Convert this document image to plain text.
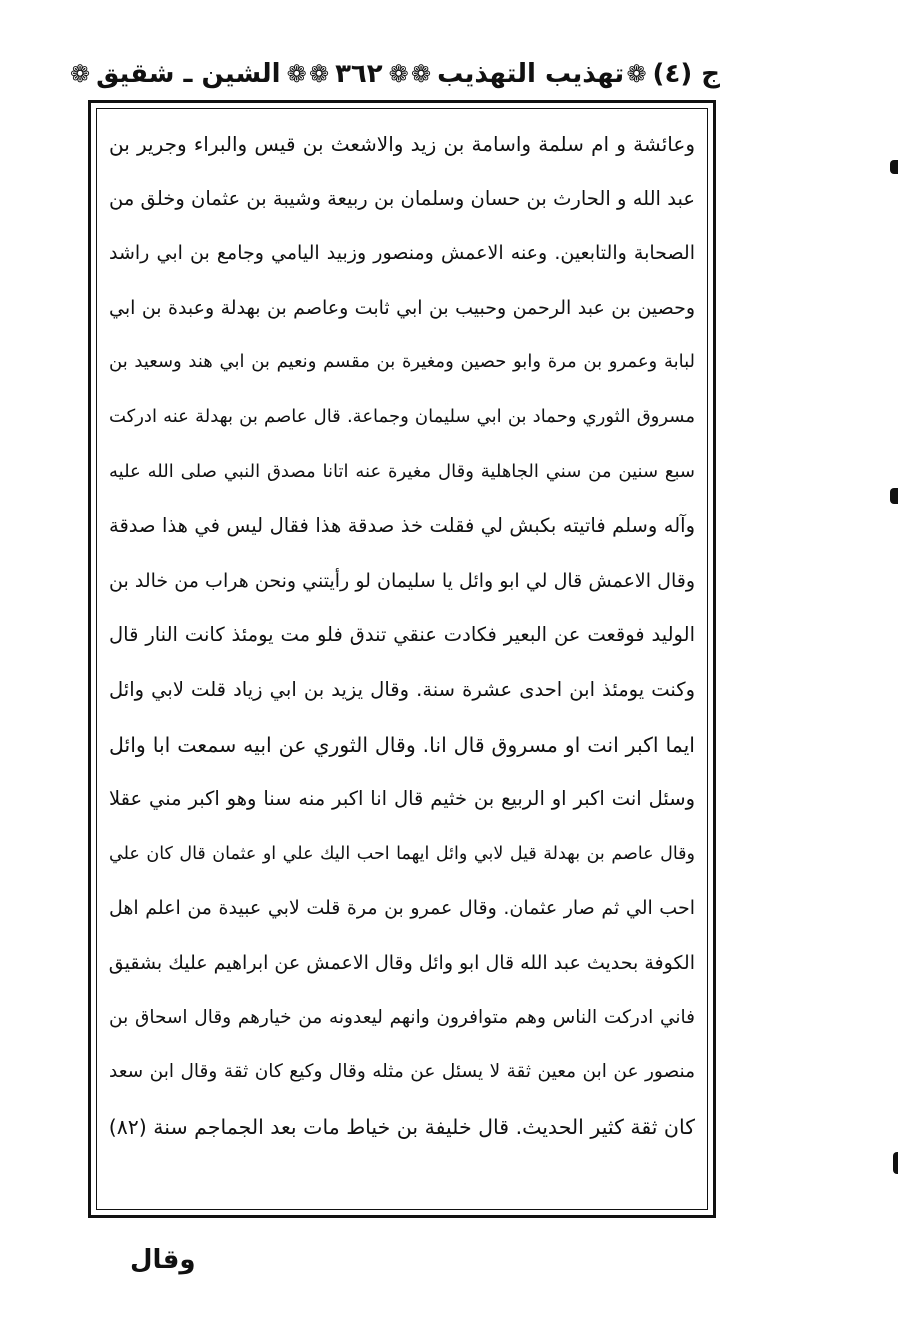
ج (٤)
❁
تهذيب التهذيب
❁
❁
٣٦٢
❁
❁
الشين ـ شقيق
❁
وعائشة و ام سلمة واسامة بن زيد والاشعث بن قيس والبراء وجرير بن
عبد الله و الحارث بن حسان وسلمان بن ربيعة وشيبة بن عثمان وخلق من
الصحابة والتابعين. وعنه الاعمش ومنصور وزبيد اليامي وجامع بن ابي راشد
وحصين بن عبد الرحمن وحبيب بن ابي ثابت وعاصم بن بهدلة وعبدة بن ابي
لبابة وعمرو بن مرة وابو حصين ومغيرة بن مقسم ونعيم بن ابي هند وسعيد بن
مسروق الثوري وحماد بن ابي سليمان وجماعة. قال عاصم بن بهدلة عنه ادركت
سبع سنين من سني الجاهلية وقال مغيرة عنه اتانا مصدق النبي صلى الله عليه
وآله وسلم فاتيته بكبش لي فقلت خذ صدقة هذا فقال ليس في هذا صدقة
وقال الاعمش قال لي ابو وائل يا سليمان لو رأيتني ونحن هراب من خالد بن
الوليد فوقعت عن البعير فكادت عنقي تندق فلو مت يومئذ كانت النار قال
وكنت يومئذ ابن احدى عشرة سنة. وقال يزيد بن ابي زياد قلت لابي وائل
ايما اكبر انت او مسروق قال انا. وقال الثوري عن ابيه سمعت ابا وائل
وسئل انت اكبر او الربيع بن خثيم قال انا اكبر منه سنا وهو اكبر مني عقلا
وقال عاصم بن بهدلة قيل لابي وائل ايهما احب اليك علي او عثمان قال كان علي
احب الي ثم صار عثمان. وقال عمرو بن مرة قلت لابي عبيدة من اعلم اهل
الكوفة بحديث عبد الله قال ابو وائل وقال الاعمش عن ابراهيم عليك بشقيق
فاني ادركت الناس وهم متوافرون وانهم ليعدونه من خيارهم وقال اسحاق بن
منصور عن ابن معين ثقة لا يسئل عن مثله وقال وكيع كان ثقة وقال ابن سعد
كان ثقة كثير الحديث. قال خليفة بن خياط مات بعد الجماجم سنة (٨٢)
وقال
